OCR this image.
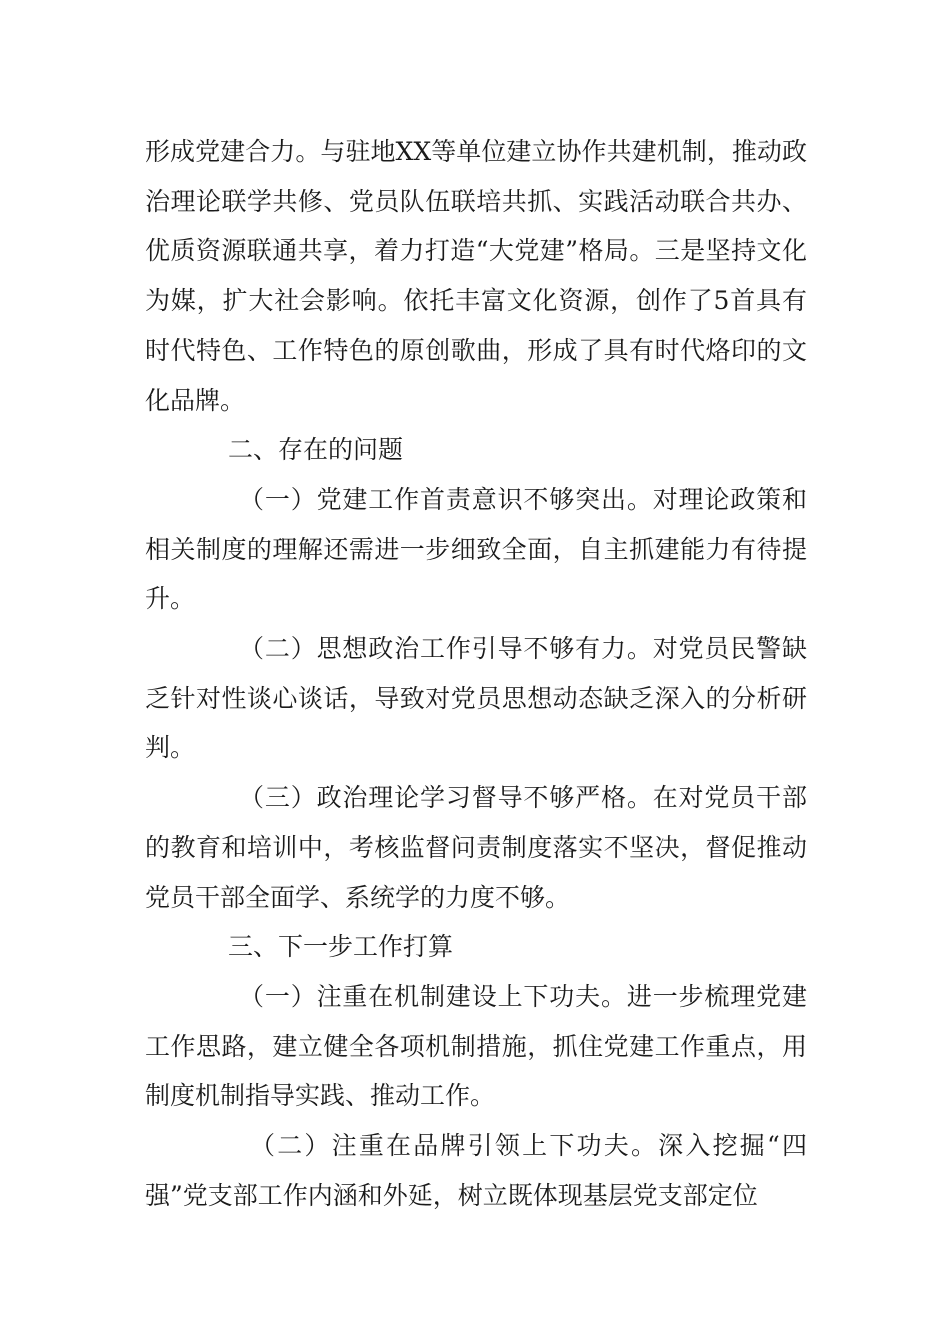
形成党建合力。与驻地XX等单位建立协作共建机制，推动政治理论联学共修、党员队伍联培共抓、实践活动联合共办、优质资源联通共享，着力打造“大党建”格局。三是坚持文化为媒，扩大社会影响。依托丰富文化资源，创作了5首具有时代特色、工作特色的原创歌曲，形成了具有时代烙印的文化品牌。

二、存在的问题

（一）党建工作首责意识不够突出。对理论政策和相关制度的理解还需进一步细致全面，自主抓建能力有待提升。

（二）思想政治工作引导不够有力。对党员民警缺乏针对性谈心谈话，导致对党员思想动态缺乏深入的分析研判。

（三）政治理论学习督导不够严格。在对党员干部的教育和培训中，考核监督问责制度落实不坚决，督促推动党员干部全面学、系统学的力度不够。

三、下一步工作打算

（一）注重在机制建设上下功夫。进一步梳理党建工作思路，建立健全各项机制措施，抓住党建工作重点，用制度机制指导实践、推动工作。

（二）注重在品牌引领上下功夫。深入挖掘“四强”党支部工作内涵和外延，树立既体现基层党支部定位
